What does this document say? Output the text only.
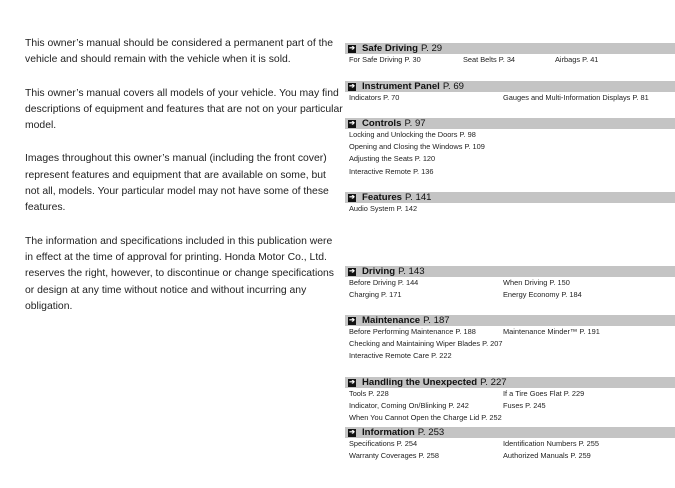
This owner’s manual should be considered a permanent part of the vehicle and should remain with the vehicle when it is sold.

This owner’s manual covers all models of your vehicle. You may find descriptions of equipment and features that are not on your particular model.

Images throughout this owner’s manual (including the front cover) represent features and equipment that are available on some, but not all, models. Your particular model may not have some of these features.

The information and specifications included in this publication were in effect at the time of approval for printing. Honda Motor Co., Ltd. reserves the right, however, to discontinue or change specifications or design at any time without notice and without incurring any obligation.

➔ Safe Driving P. 29
For Safe Driving P. 30	Seat Belts P. 34	Airbags P. 41
➔ Instrument Panel P. 69
Indicators P. 70	Gauges and Multi-Information Displays P. 81
➔ Controls P. 97
Locking and Unlocking the Doors P. 98
Opening and Closing the Windows P. 109
Adjusting the Seats P. 120
Interactive Remote P. 136
➔ Features P. 141
Audio System P. 142
➔ Driving P. 143
Before Driving P. 144	When Driving P. 150
Charging P. 171	Energy Economy P. 184
➔ Maintenance P. 187
Before Performing Maintenance P. 188	Maintenance Minder™ P. 191
Checking and Maintaining Wiper Blades P. 207
Interactive Remote Care P. 222
➔ Handling the Unexpected P. 227
Tools P. 228	If a Tire Goes Flat P. 229
Indicator, Coming On/Blinking P. 242	Fuses P. 245
When You Cannot Open the Charge Lid P. 252
➔ Information P. 253
Specifications P. 254	Identification Numbers P. 255
Warranty Coverages P. 258	Authorized Manuals P. 259
